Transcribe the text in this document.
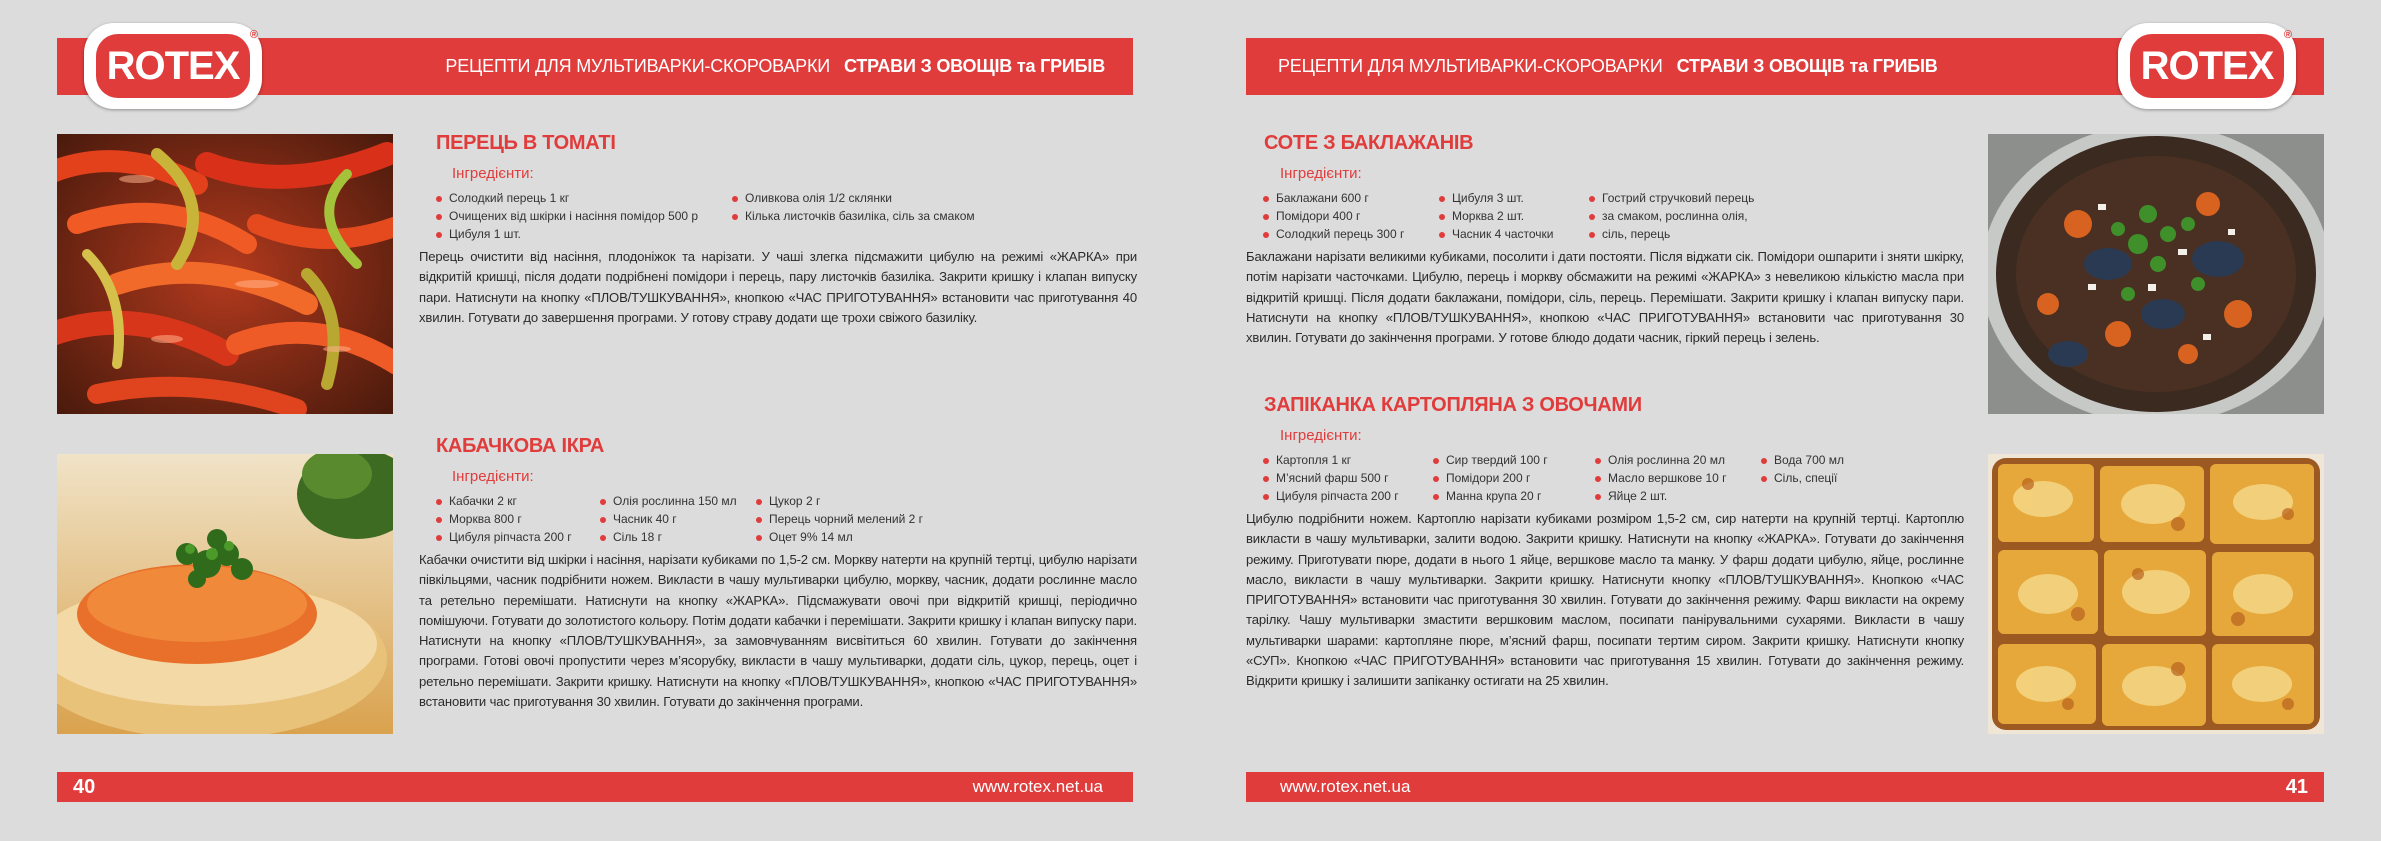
РЕЦЕПТИ ДЛЯ МУЛЬТИВАРКИ-СКОРОВАРКИ СТРАВИ З ОВОЩІВ та ГРИБІВ
ROTEX
®
ПЕРЕЦЬ В ТОМАТІ
Інгредієнти:
Солодкий перець 1 кг
Очищених від шкірки і насіння помідор 500 р
Цибуля 1 шт.
Оливкова олія 1/2 склянки
Кілька листочків базиліка, сіль за смаком

Перець очистити від насіння, плодоніжок та нарізати. У чаші злегка підсмажити цибулю на режимі «ЖАРКА» при відкритій кришці, після додати подрібнені помідори і перець, пару листочків базиліка. Закрити кришку і клапан випуску пари. Натиснути на кнопку «ПЛОВ/ТУШКУВАННЯ», кнопкою «ЧАС ПРИГОТУВАННЯ» встановити час приготування 40 хвилин. Готувати до завершення програми. У готову страву додати ще трохи свіжого базиліку.

КАБАЧКОВА ІКРА
Інгредієнти:
Кабачки 2 кг
Морква 800 г
Цибуля ріпчаста 200 г
Олія рослинна 150 мл
Часник 40 г
Сіль 18 г
Цукор 2 г
Перець чорний мелений 2 г
Оцет 9% 14 мл

Кабачки очистити від шкірки і насіння, нарізати кубиками по 1,5-2 см. Моркву натерти на крупній тертці, цибулю нарізати півкільцями, часник подрібнити ножем. Викласти в чашу мультиварки цибулю, моркву, часник, додати рослинне масло та ретельно перемішати. Натиснути на кнопку «ЖАРКА». Підсмажувати овочі при відкритій кришці, періодично помішуючи. Готувати до золотистого кольору. Потім додати кабачки і перемішати. Закрити кришку і клапан випуску пари. Натиснути на кнопку «ПЛОВ/ТУШКУВАННЯ», за замовчуванням висвітиться 60 хвилин. Готувати до закінчення програми. Готові овочі пропустити через м’ясорубку, викласти в чашу мультиварки, додати сіль, цукор, перець, оцет і ретельно перемішати. Закрити кришку. Натиснути на кнопку «ПЛОВ/ТУШКУВАННЯ», кнопкою «ЧАС ПРИГОТУВАННЯ» встановити час приготування 30 хвилин. Готувати до закінчення програми.

40	www.rotex.net.ua
РЕЦЕПТИ ДЛЯ МУЛЬТИВАРКИ-СКОРОВАРКИ СТРАВИ З ОВОЩІВ та ГРИБІВ	ROTEX
®
СОТЕ З БАКЛАЖАНІВ
Інгредієнти:
Баклажани 600 г
Помідори 400 г
Солодкий перець 300 г
Цибуля 3 шт.
Морква 2 шт.
Часник 4 часточки
Гострий стручковий перець
за смаком, рослинна олія,
сіль, перець

Баклажани нарізати великими кубиками, посолити і дати постояти. Після віджати сік. Помідори ошпарити і зняти шкірку, потім нарізати часточками. Цибулю, перець і моркву обсмажити на режимі «ЖАРКА» з невеликою кількістю масла при відкритій кришці. Після додати баклажани, помідори, сіль, перець. Перемішати. Закрити кришку і клапан випуску пари. Натиснути на кнопку «ПЛОВ/ТУШКУВАННЯ», кнопкою «ЧАС ПРИГОТУВАННЯ» встановити час приготування 30 хвилин. Готувати до закінчення програми. У готове блюдо додати часник, гіркий перець і зелень.

ЗАПІКАНКА КАРТОПЛЯНА З ОВОЧАМИ
Інгредієнти:
Картопля 1 кг
М’ясний фарш 500 г
Цибуля ріпчаста 200 г
Сир твердий 100 г
Помідори 200 г
Манна крупа 20 г
Олія рослинна 20 мл
Масло вершкове 10 г
Яйце 2 шт.
Вода 700 мл
Сіль, спеції

Цибулю подрібнити ножем. Картоплю нарізати кубиками розміром 1,5-2 см, сир натерти на крупній тертці. Картоплю викласти в чашу мультиварки, залити водою. Закрити кришку. Натиснути на кнопку «ЖАРКА». Готувати до закінчення режиму. Приготувати пюре, додати в нього 1 яйце, вершкове масло та манку. У фарш додати цибулю, яйце, рослинне масло, викласти в чашу мультиварки. Закрити кришку. Натиснути кнопку «ПЛОВ/ТУШКУВАННЯ». Кнопкою «ЧАС ПРИГОТУВАННЯ» встановити час приготування 30 хвилин. Готувати до закінчення режиму. Фарш викласти на окрему тарілку. Чашу мультиварки змастити вершковим маслом, посипати панірувальними сухарями. Викласти в чашу мультиварки шарами: картопляне пюре, м’ясний фарш, посипати тертим сиром. Закрити кришку. Натиснути кнопку «СУП». Кнопкою «ЧАС ПРИГОТУВАННЯ» встановити час приготування 15 хвилин. Готувати до закінчення режиму. Відкрити кришку і залишити запіканку остигати на 25 хвилин.

www.rotex.net.ua	41
